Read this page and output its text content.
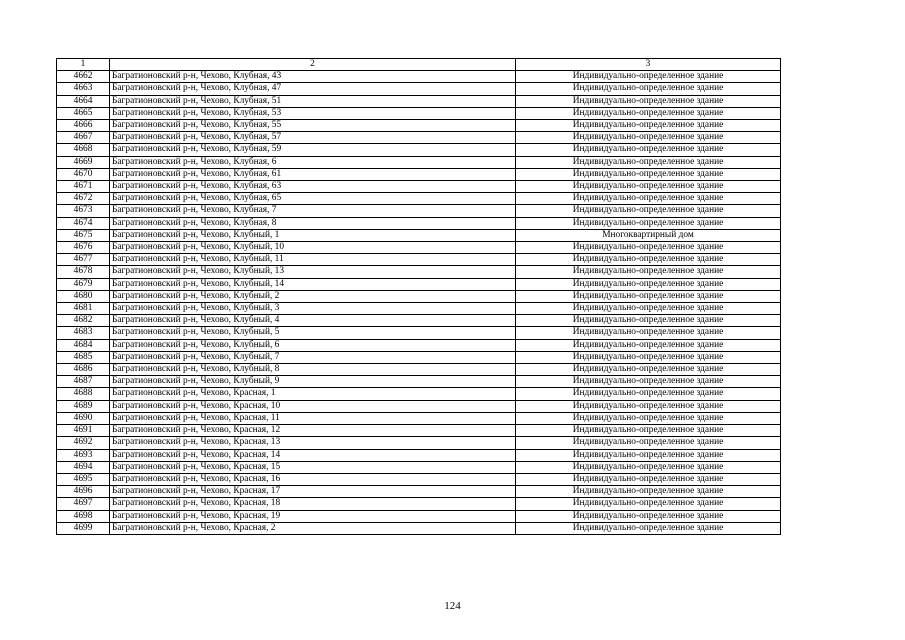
1	2	3
4662	Багратионовский р-н, Чехово, Клубная, 43	Индивидуально-определенное здание
4663	Багратионовский р-н, Чехово, Клубная, 47	Индивидуально-определенное здание
4664	Багратионовский р-н, Чехово, Клубная, 51	Индивидуально-определенное здание
4665	Багратионовский р-н, Чехово, Клубная, 53	Индивидуально-определенное здание
4666	Багратионовский р-н, Чехово, Клубная, 55	Индивидуально-определенное здание
4667	Багратионовский р-н, Чехово, Клубная, 57	Индивидуально-определенное здание
4668	Багратионовский р-н, Чехово, Клубная, 59	Индивидуально-определенное здание
4669	Багратионовский р-н, Чехово, Клубная, 6	Индивидуально-определенное здание
4670	Багратионовский р-н, Чехово, Клубная, 61	Индивидуально-определенное здание
4671	Багратионовский р-н, Чехово, Клубная, 63	Индивидуально-определенное здание
4672	Багратионовский р-н, Чехово, Клубная, 65	Индивидуально-определенное здание
4673	Багратионовский р-н, Чехово, Клубная, 7	Индивидуально-определенное здание
4674	Багратионовский р-н, Чехово, Клубная, 8	Индивидуально-определенное здание
4675	Багратионовский р-н, Чехово, Клубный, 1	Многоквартирный дом
4676	Багратионовский р-н, Чехово, Клубный, 10	Индивидуально-определенное здание
4677	Багратионовский р-н, Чехово, Клубный, 11	Индивидуально-определенное здание
4678	Багратионовский р-н, Чехово, Клубный, 13	Индивидуально-определенное здание
4679	Багратионовский р-н, Чехово, Клубный, 14	Индивидуально-определенное здание
4680	Багратионовский р-н, Чехово, Клубный, 2	Индивидуально-определенное здание
4681	Багратионовский р-н, Чехово, Клубный, 3	Индивидуально-определенное здание
4682	Багратионовский р-н, Чехово, Клубный, 4	Индивидуально-определенное здание
4683	Багратионовский р-н, Чехово, Клубный, 5	Индивидуально-определенное здание
4684	Багратионовский р-н, Чехово, Клубный, 6	Индивидуально-определенное здание
4685	Багратионовский р-н, Чехово, Клубный, 7	Индивидуально-определенное здание
4686	Багратионовский р-н, Чехово, Клубный, 8	Индивидуально-определенное здание
4687	Багратионовский р-н, Чехово, Клубный, 9	Индивидуально-определенное здание
4688	Багратионовский р-н, Чехово, Красная, 1	Индивидуально-определенное здание
4689	Багратионовский р-н, Чехово, Красная, 10	Индивидуально-определенное здание
4690	Багратионовский р-н, Чехово, Красная, 11	Индивидуально-определенное здание
4691	Багратионовский р-н, Чехово, Красная, 12	Индивидуально-определенное здание
4692	Багратионовский р-н, Чехово, Красная, 13	Индивидуально-определенное здание
4693	Багратионовский р-н, Чехово, Красная, 14	Индивидуально-определенное здание
4694	Багратионовский р-н, Чехово, Красная, 15	Индивидуально-определенное здание
4695	Багратионовский р-н, Чехово, Красная, 16	Индивидуально-определенное здание
4696	Багратионовский р-н, Чехово, Красная, 17	Индивидуально-определенное здание
4697	Багратионовский р-н, Чехово, Красная, 18	Индивидуально-определенное здание
4698	Багратионовский р-н, Чехово, Красная, 19	Индивидуально-определенное здание
4699	Багратионовский р-н, Чехово, Красная, 2	Индивидуально-определенное здание
124
